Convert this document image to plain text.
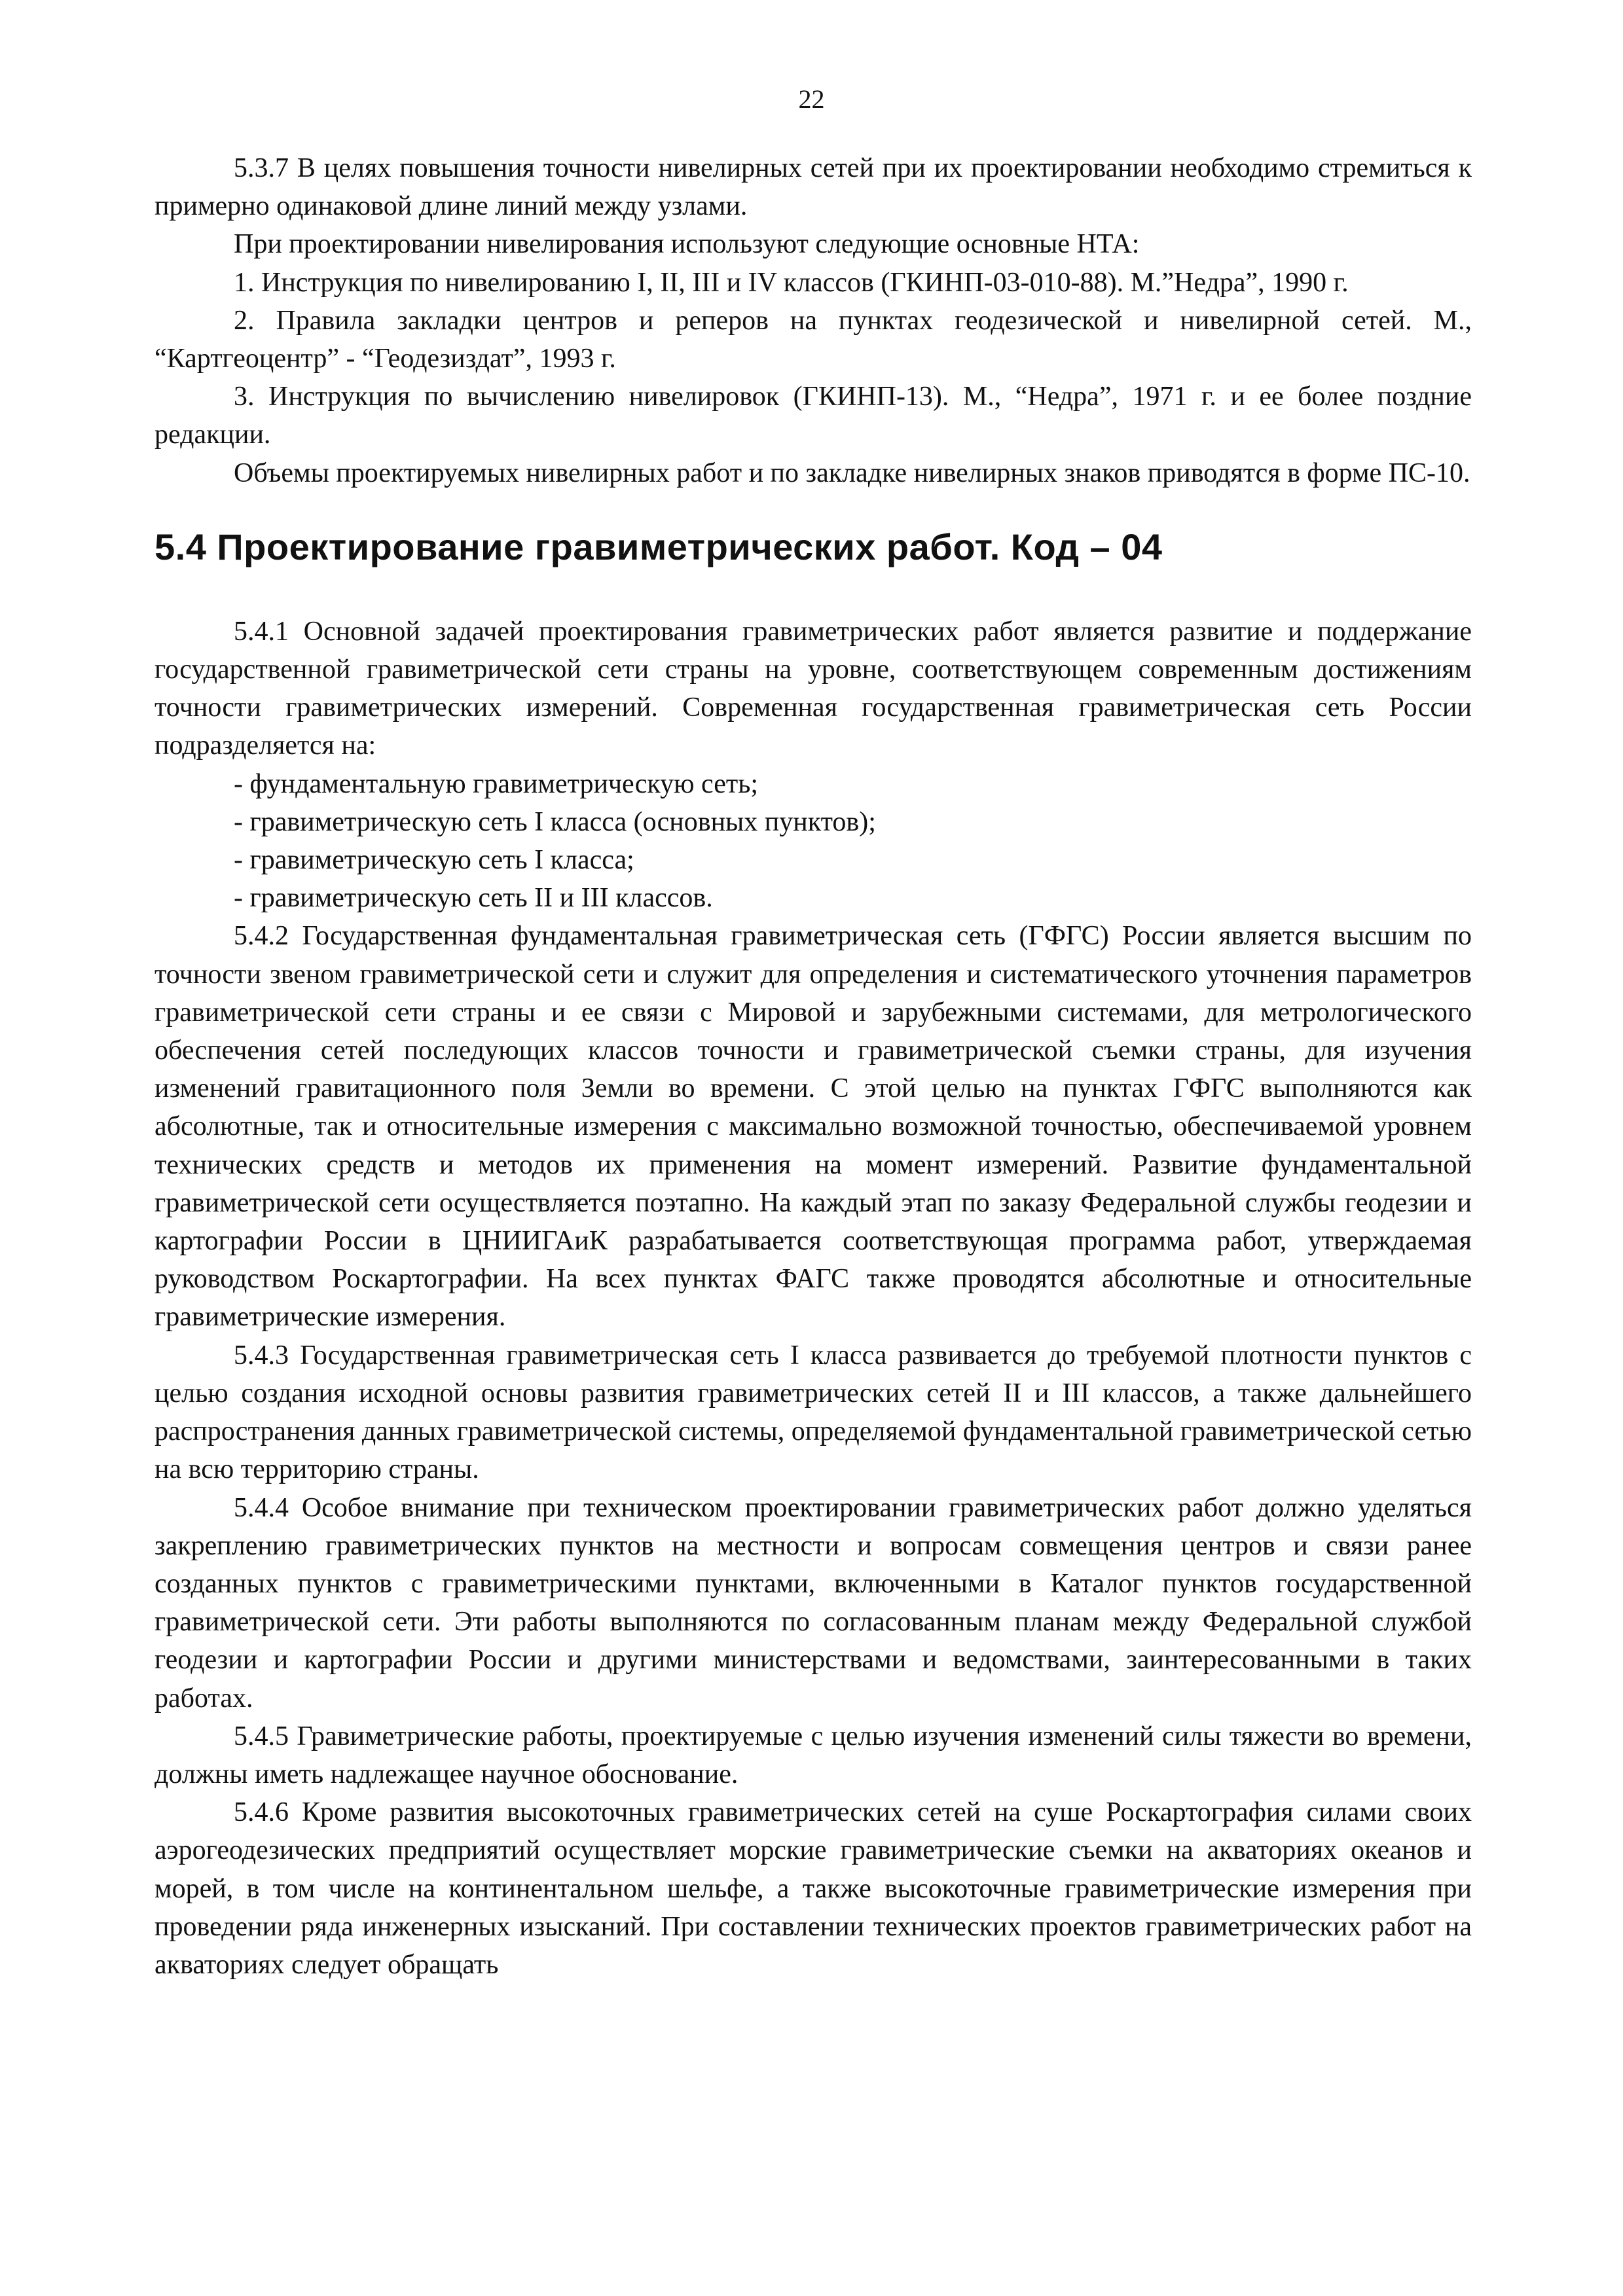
22

5.3.7 В целях повышения точности нивелирных сетей при их проектировании необходимо стремиться к примерно одинаковой длине линий между узлами.

При проектировании нивелирования используют следующие основные НТА:

1. Инструкция по нивелированию I, II, III и IV классов (ГКИНП-03-010-88). М.”Недра”, 1990 г.

2. Правила закладки центров и реперов на пунктах геодезической и нивелирной сетей. М., “Картгеоцентр” - “Геодезиздат”, 1993 г.

3. Инструкция по вычислению нивелировок (ГКИНП-13). М., “Недра”, 1971 г. и ее более поздние редакции.

Объемы проектируемых нивелирных работ и по закладке нивелирных знаков приводятся в форме ПС-10.

5.4 Проектирование гравиметрических работ. Код – 04

5.4.1 Основной задачей проектирования гравиметрических работ является развитие и поддержание государственной гравиметрической сети страны на уровне, соответствующем современным достижениям точности гравиметрических измерений. Современная государственная гравиметрическая сеть России подразделяется на:

- фундаментальную гравиметрическую сеть;

- гравиметрическую сеть I класса (основных пунктов);

- гравиметрическую сеть I класса;

- гравиметрическую сеть II и III классов.

5.4.2 Государственная фундаментальная гравиметрическая сеть (ГФГС) России является высшим по точности звеном гравиметрической сети и служит для определения и систематического уточнения параметров гравиметрической сети страны и ее связи с Мировой и зарубежными системами, для метрологического обеспечения сетей последующих классов точности и гравиметрической съемки страны, для изучения изменений гравитационного поля Земли во времени. С этой целью на пунктах ГФГС выполняются как абсолютные, так и относительные измерения с максимально возможной точностью, обеспечиваемой уровнем технических средств и методов их применения на момент измерений. Развитие фундаментальной гравиметрической сети осуществляется поэтапно. На каждый этап по заказу Федеральной службы геодезии и картографии России в ЦНИИГАиК разрабатывается соответствующая программа работ, утверждаемая руководством Роскартографии. На всех пунктах ФАГС также проводятся абсолютные и относительные гравиметрические измерения.

5.4.3 Государственная гравиметрическая сеть I класса развивается до требуемой плотности пунктов с целью создания исходной основы развития гравиметрических сетей II и III классов, а также дальнейшего распространения данных гравиметрической системы, определяемой фундаментальной гравиметрической сетью на всю территорию страны.

5.4.4 Особое внимание при техническом проектировании гравиметрических работ должно уделяться закреплению гравиметрических пунктов на местности и вопросам совмещения центров и связи ранее созданных пунктов с гравиметрическими пунктами, включенными в Каталог пунктов государственной гравиметрической сети. Эти работы выполняются по согласованным планам между Федеральной службой геодезии и картографии России и другими министерствами и ведомствами, заинтересованными в таких работах.

5.4.5 Гравиметрические работы, проектируемые с целью изучения изменений силы тяжести во времени, должны иметь надлежащее научное обоснование.

5.4.6 Кроме развития высокоточных гравиметрических сетей на суше Роскартография силами своих аэрогеодезических предприятий осуществляет морские гравиметрические съемки на акваториях океанов и морей, в том числе на континентальном шельфе, а также высокоточные гравиметрические измерения при проведении ряда инженерных изысканий. При составлении технических проектов гравиметрических работ на акваториях следует обращать
